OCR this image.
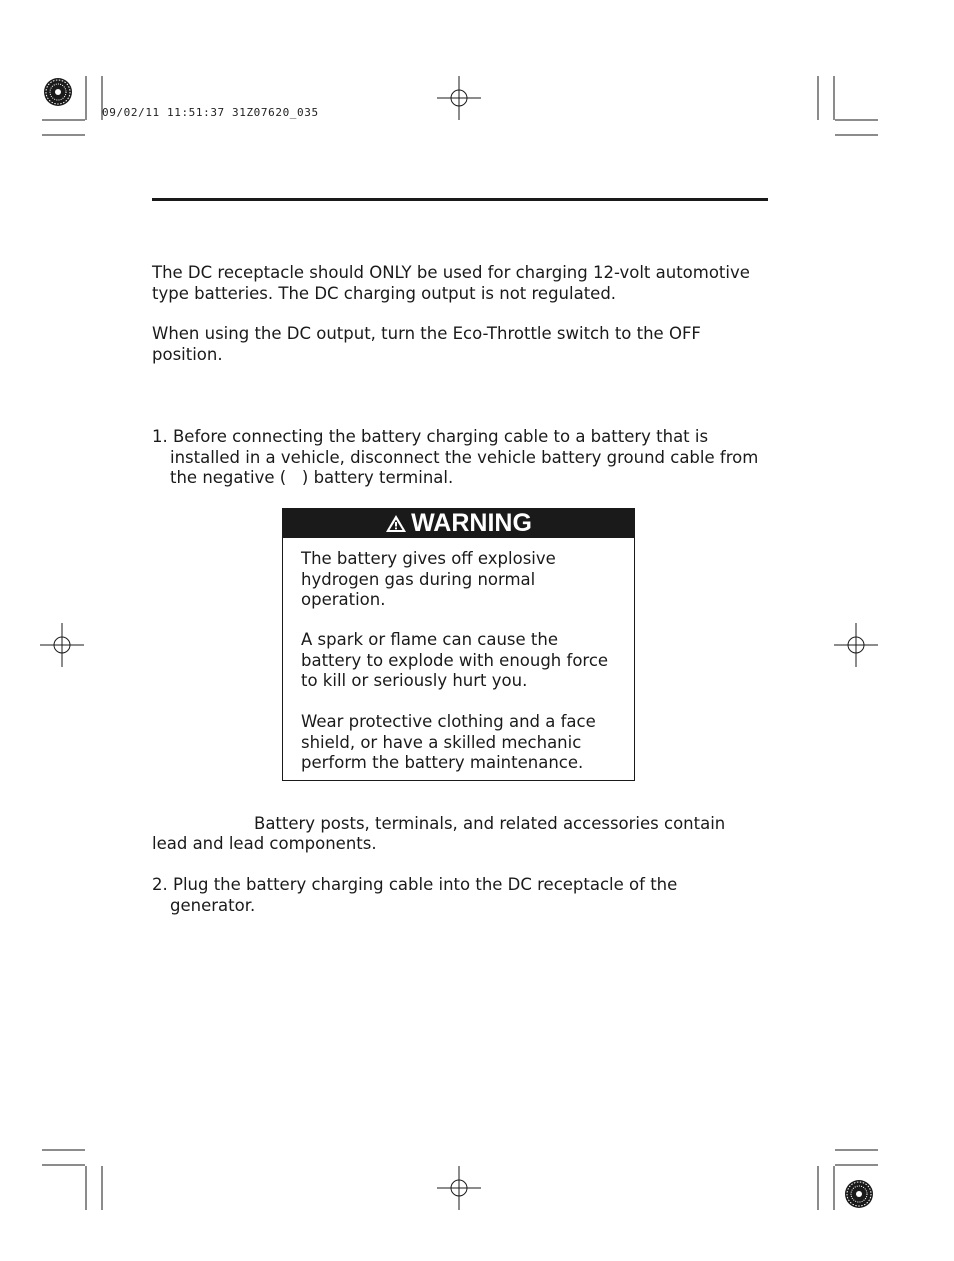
09/02/11 11:51:37 31Z07620_035

The DC receptacle should ONLY be used for charging 12-volt automotive type batteries. The DC charging output is not regulated.

When using the DC output, turn the Eco-Throttle switch to the OFF position.

1. Before connecting the battery charging cable to a battery that is installed in a vehicle, disconnect the vehicle battery ground cable from the negative (   ) battery terminal.

WARNING

The battery gives off explosive hydrogen gas during normal operation.

A spark or flame can cause the battery to explode with enough force to kill or seriously hurt you.

Wear protective clothing and a face shield, or have a skilled mechanic perform the battery maintenance.

Battery posts, terminals, and related accessories contain
lead and lead components.

2. Plug the battery charging cable into the DC receptacle of the generator.
